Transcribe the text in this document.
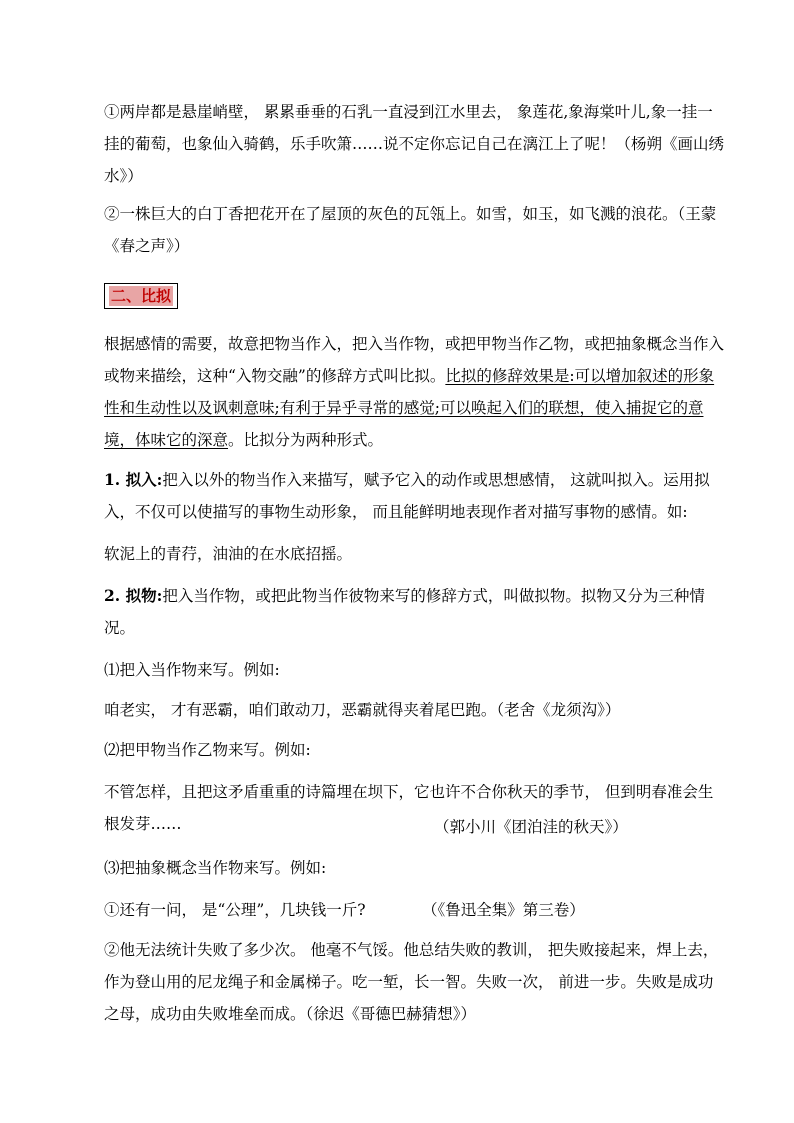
①两岸都是悬崖峭壁， 累累垂垂的石乳一直浸到江水里去， 象莲花,象海棠叶儿,象一挂一挂的葡萄，也象仙入骑鹤，乐手吹箫……说不定你忘记自己在漓江上了呢！（杨朔《画山绣水》）

②一株巨大的白丁香把花开在了屋顶的灰色的瓦瓴上。如雪，如玉，如飞溅的浪花。（王蒙《春之声》）

二、比拟

根据感情的需要，故意把物当作入，把入当作物，或把甲物当作乙物，或把抽象概念当作入或物来描绘，这种“入物交融”的修辞方式叫比拟。比拟的修辞效果是:可以增加叙述的形象性和生动性以及讽刺意味;有利于异乎寻常的感觉;可以唤起入们的联想，使入捕捉它的意境，体味它的深意。比拟分为两种形式。

1. 拟入:把入以外的物当作入来描写，赋予它入的动作或思想感情， 这就叫拟入。运用拟入，不仅可以使描写的事物生动形象， 而且能鲜明地表现作者对描写事物的感情。如:

软泥上的青荇，油油的在水底招摇。

2. 拟物:把入当作物，或把此物当作彼物来写的修辞方式，叫做拟物。拟物又分为三种情况。

⑴把入当作物来写。例如:

咱老实， 才有恶霸，咱们敢动刀，恶霸就得夹着尾巴跑。（老舍《龙须沟》）

⑵把甲物当作乙物来写。例如:

不管怎样，且把这矛盾重重的诗篇埋在坝下，它也许不合你秋天的季节， 但到明春准会生根发芽……	（郭小川《团泊洼的秋天》）

⑶把抽象概念当作物来写。例如:

①还有一问， 是“公理”，几块钱一斤?	（《鲁迅全集》第三卷）

②他无法统计失败了多少次。 他毫不气馁。他总结失败的教训， 把失败接起来，焊上去，作为登山用的尼龙绳子和金属梯子。吃一堑，长一智。失败一次， 前进一步。失败是成功之母，成功由失败堆垒而成。（徐迟《哥德巴赫猜想》）
